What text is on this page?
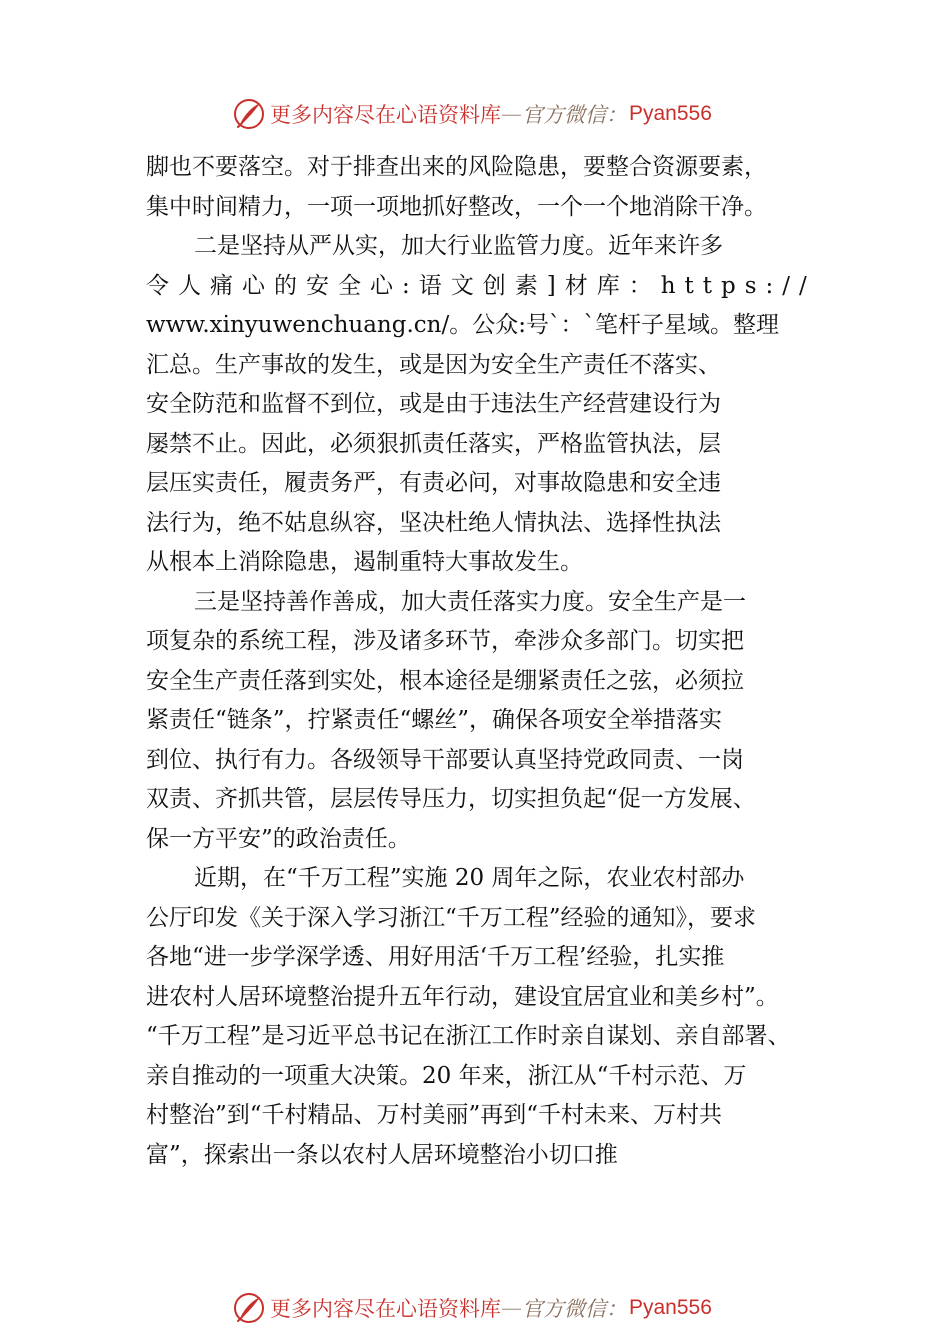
更多内容尽在心语资料库 — 官方微信： Pyan556
脚也不要落空。对于排查出来的风险隐患，要整合资源要素，
集中时间精力，一项一项地抓好整改，一个一个地消除干净。
二是坚持从严从实，加大行业监管力度。近年来许多
令人痛心的安全心:语文创素]材库：https://
www.xinyuwenchuang.cn/。公众:号`：`笔杆子星域。整理
汇总。生产事故的发生，或是因为安全生产责任不落实、
安全防范和监督不到位，或是由于违法生产经营建设行为
屡禁不止。因此，必须狠抓责任落实，严格监管执法，层
层压实责任，履责务严，有责必问，对事故隐患和安全违
法行为，绝不姑息纵容，坚决杜绝人情执法、选择性执法
从根本上消除隐患，遏制重特大事故发生。
三是坚持善作善成，加大责任落实力度。安全生产是一
项复杂的系统工程，涉及诸多环节，牵涉众多部门。切实把
安全生产责任落到实处，根本途径是绷紧责任之弦，必须拉
紧责任“链条”，拧紧责任“螺丝”，确保各项安全举措落实
到位、执行有力。各级领导干部要认真坚持党政同责、一岗
双责、齐抓共管，层层传导压力，切实担负起“促一方发展、
保一方平安”的政治责任。
近期，在“千万工程”实施 20 周年之际，农业农村部办
公厅印发《关于深入学习浙江“千万工程”经验的通知》，要求
各地“进一步学深学透、用好用活‘千万工程’经验，扎实推
进农村人居环境整治提升五年行动，建设宜居宜业和美乡村”。
“千万工程”是习近平总书记在浙江工作时亲自谋划、亲自部署、
亲自推动的一项重大决策。20 年来，浙江从“千村示范、万
村整治”到“千村精品、万村美丽”再到“千村未来、万村共
富”，探索出一条以农村人居环境整治小切口推
更多内容尽在心语资料库 — 官方微信： Pyan556
